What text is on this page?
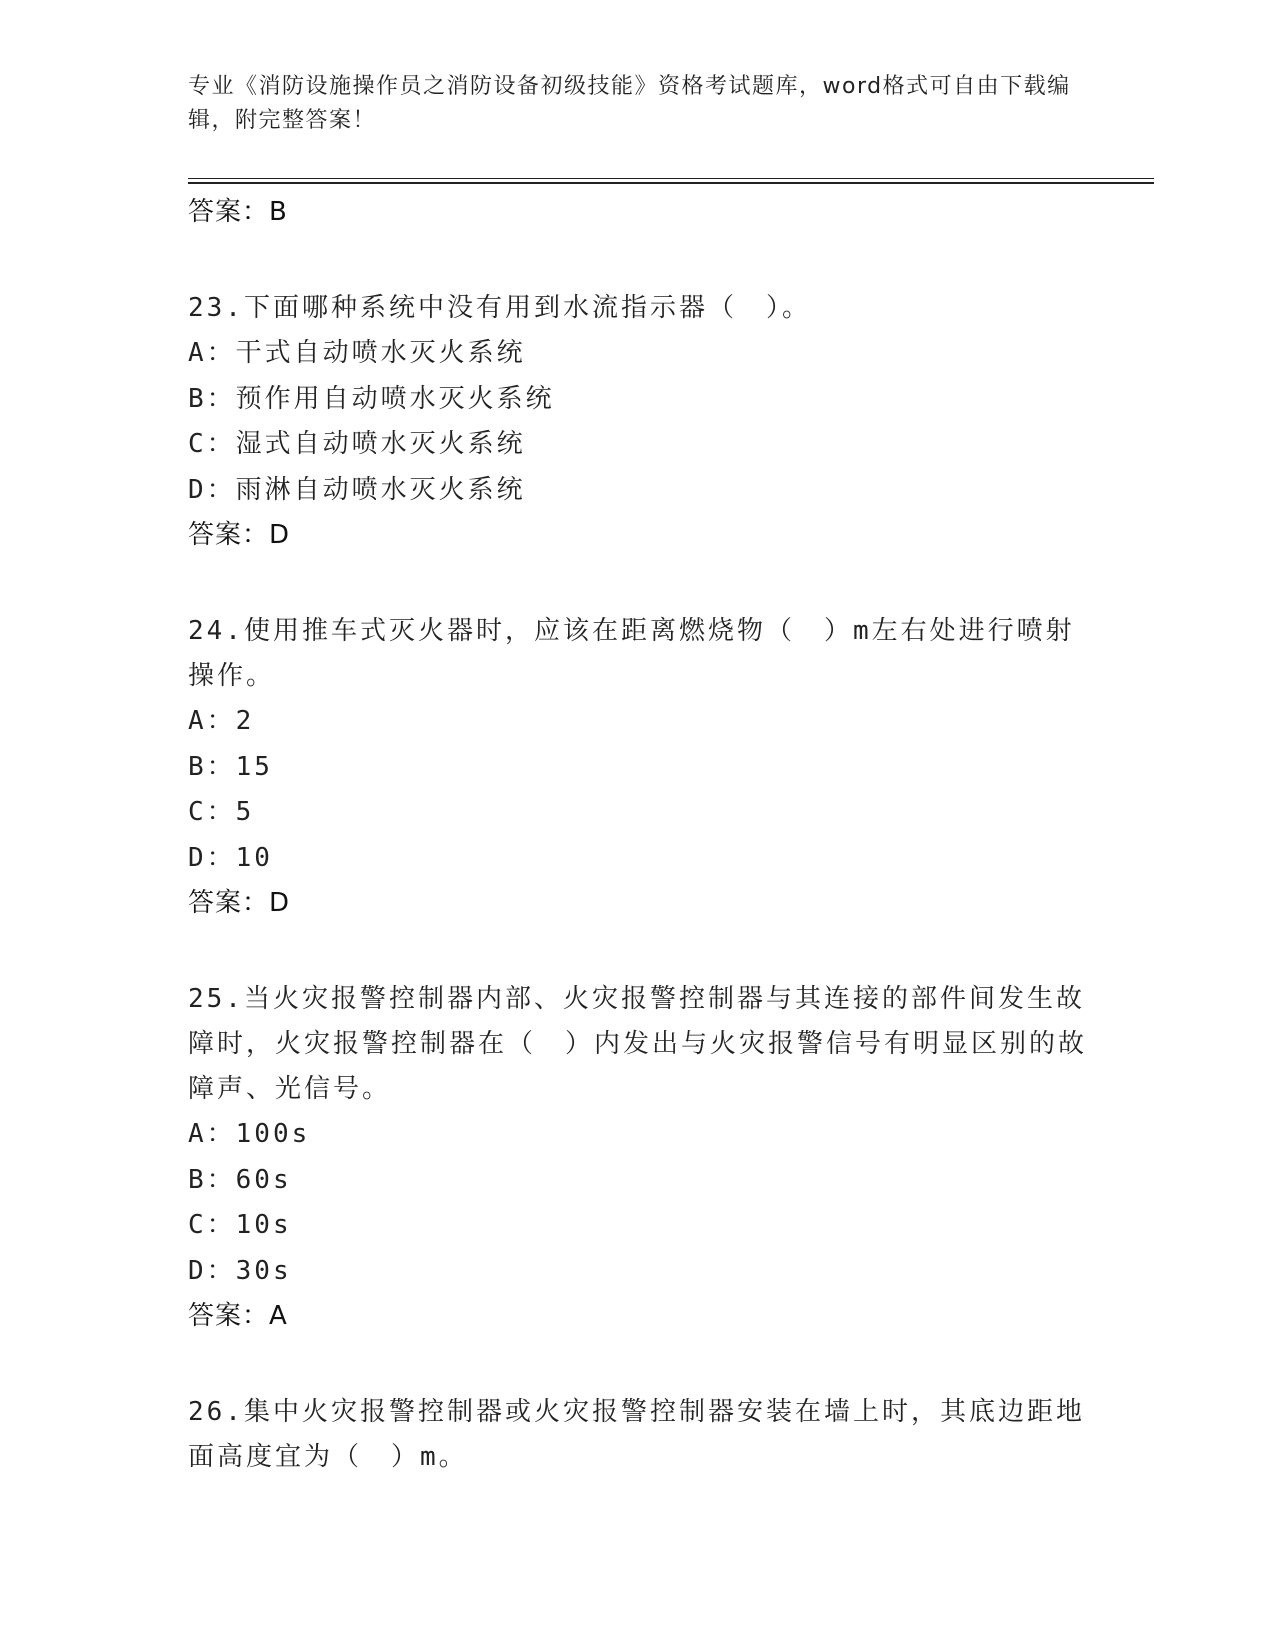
专业《消防设施操作员之消防设备初级技能》资格考试题库，word格式可自由下载编辑，附完整答案！
答案：B
23.下面哪种系统中没有用到水流指示器（　）。
A：干式自动喷水灭火系统
B：预作用自动喷水灭火系统
C：湿式自动喷水灭火系统
D：雨淋自动喷水灭火系统
答案：D
24.使用推车式灭火器时，应该在距离燃烧物（　）m左右处进行喷射操作。
A：2
B：15
C：5
D：10
答案：D
25.当火灾报警控制器内部、火灾报警控制器与其连接的部件间发生故障时，火灾报警控制器在（　）内发出与火灾报警信号有明显区别的故障声、光信号。
A：100s
B：60s
C：10s
D：30s
答案：A
26.集中火灾报警控制器或火灾报警控制器安装在墙上时，其底边距地面高度宜为（　）m。
